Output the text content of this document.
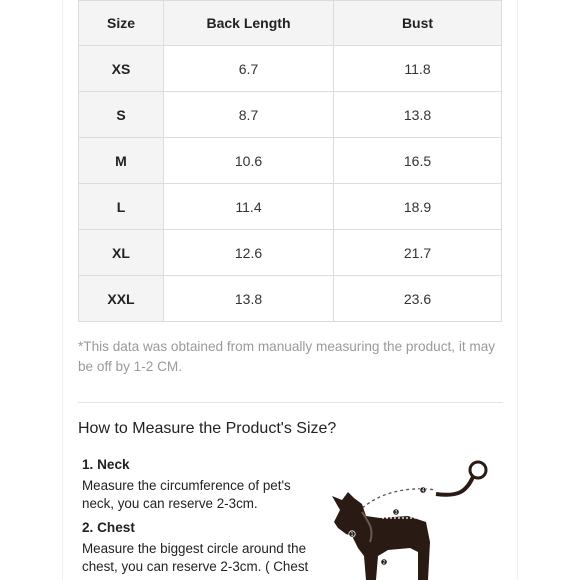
Size	Back Length	Bust
XS	6.7	11.8
S	8.7	13.8
M	10.6	16.5
L	11.4	18.9
XL	12.6	21.7
XXL	13.8	23.6
*This data was obtained from manually measuring the product, it may be off by 1-2 CM.
How to Measure the Product's Size?
1. Neck
Measure the circumference of pet's neck, you can reserve 2-3cm.
2. Chest
Measure the biggest circle around the chest, you can reserve 2-3cm. ( Chest
4
3
1
2
